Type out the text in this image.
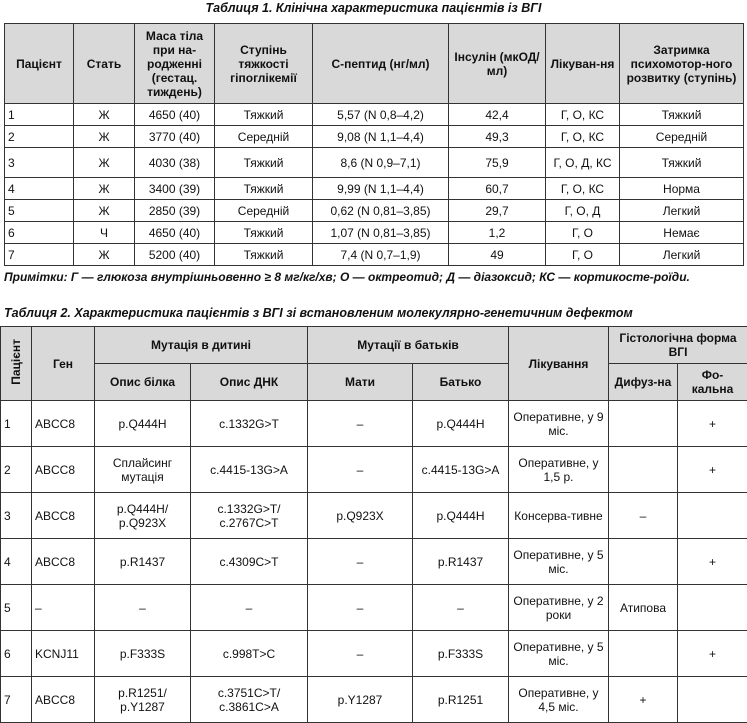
Таблиця 1. Клінічна характеристика пацієнтів із ВГІ
Пацієнт	Стать	Маса тіла при на-родженні (гестац. тиждень)	Ступінь тяжкості гіпоглікемії	С-пептид (нг/мл)	Інсулін (мкОД/мл)	Лікуван-ня	Затримка психомотор-ного розвитку (ступінь)
1	Ж	4650 (40)	Тяжкий	5,57 (N 0,8–4,2)	42,4	Г, О, КС	Тяжкий
2	Ж	3770 (40)	Середній	9,08 (N 1,1–4,4)	49,3	Г, О, КС	Середній
3	Ж	4030 (38)	Тяжкий	8,6 (N 0,9–7,1)	75,9	Г, О, Д, КС	Тяжкий
4	Ж	3400 (39)	Тяжкий	9,99 (N 1,1–4,4)	60,7	Г, О, КС	Норма
5	Ж	2850 (39)	Середній	0,62 (N 0,81–3,85)	29,7	Г, О, Д	Легкий
6	Ч	4650 (40)	Тяжкий	1,07 (N 0,81–3,85)	1,2	Г, О	Немає
7	Ж	5200 (40)	Тяжкий	7,4 (N 0,7–1,9)	49	Г, О	Легкий
Примітки: Г — глюкоза внутрішньовенно ≥ 8 мг/кг/хв; О — октреотид; Д — діазоксид; КС — кортикосте-роїди.
Таблиця 2. Характеристика пацієнтів з ВГІ зі встановленим молекулярно-генетичним дефектом
Пацієнт	Ген	Мутація в дитині		Мутації в батьків		Лікування	Гістологічна форма ВГІ	
		Опис білка	Опис ДНК	Мати	Батько		Дифуз-на	Фо-кальна
1	ABCC8	p.Q444H	c.1332G>T	–	p.Q444H	Оперативне, у 9 міс.		+
2	ABCC8	Сплайсинг мутація	c.4415-13G>A	–	c.4415-13G>A	Оперативне, у 1,5 р.		+
3	ABCC8	p.Q444H/ p.Q923X	c.1332G>T/ c.2767C>T	p.Q923X	p.Q444H	Консерва-тивне	–	
4	ABCC8	p.R1437	c.4309C>T	–	p.R1437	Оперативне, у 5 міс.		+
5	–	–	–	–	–	Оперативне, у 2 роки	Атипова	
6	KCNJ11	p.F333S	c.998T>C	–	p.F333S	Оперативне, у 5 міс.		+
7	ABCC8	p.R1251/ p.Y1287	c.3751C>T/ c.3861C>A	p.Y1287	p.R1251	Оперативне, у 4,5 міс.	+	
